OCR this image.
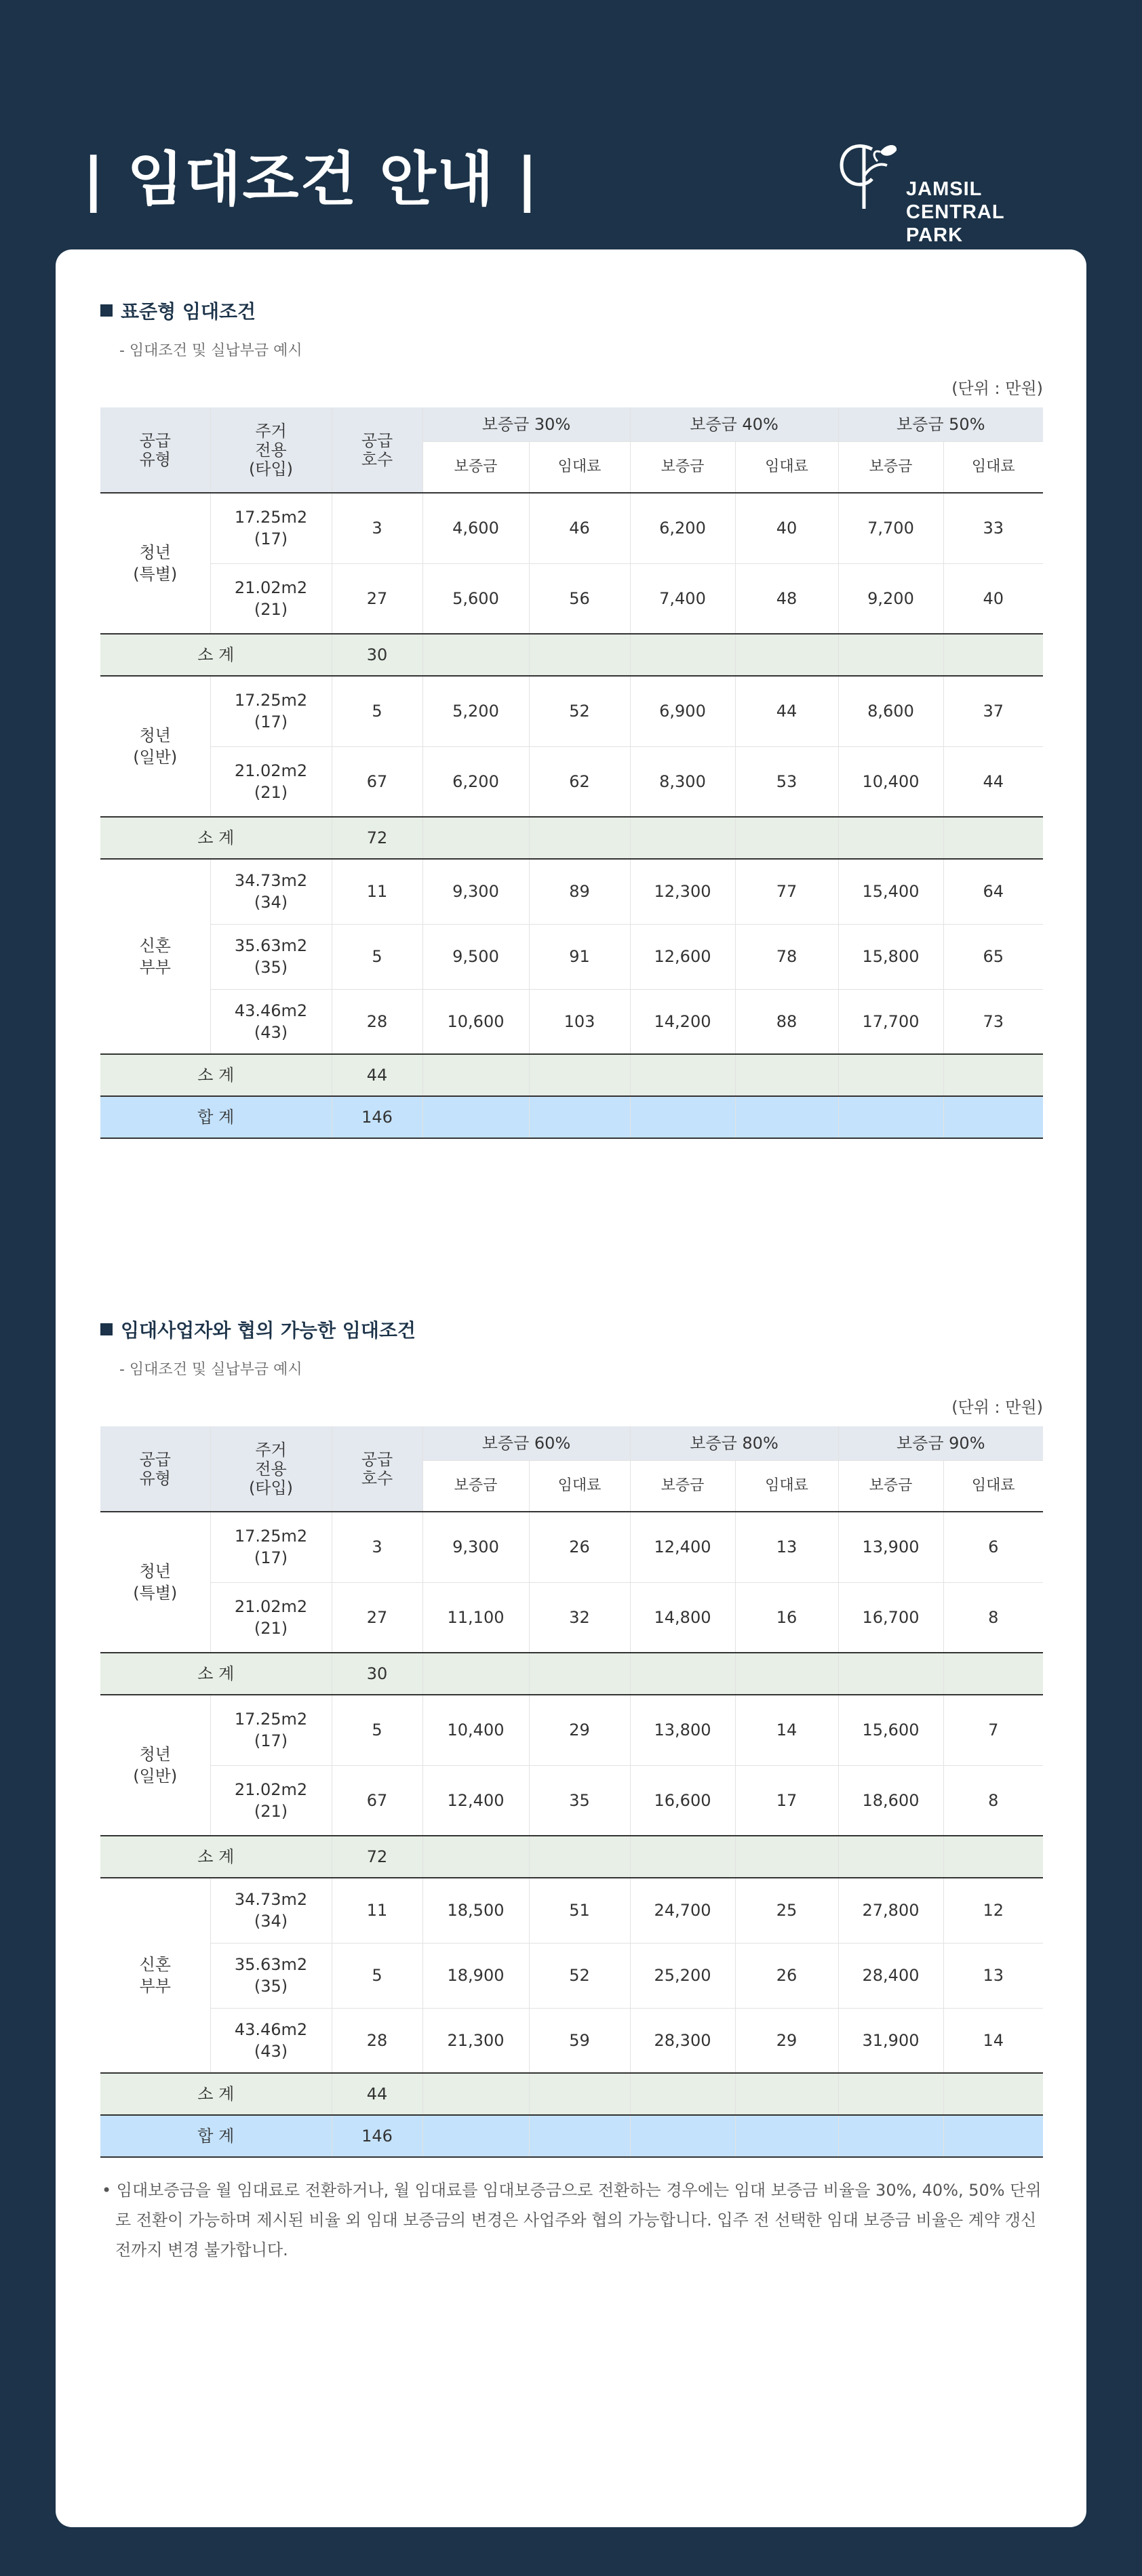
| 임대조건 안내 |	JAMSIL
CENTRAL PARK
표준형 임대조건
- 임대조건 및 실납부금 예시
(단위 : 만원)
공급
유형	주거
전용
(타입)	공급
호수	보증금 30%		보증금 40%		보증금 50%	
			보증금	임대료	보증금	임대료	보증금	임대료
청년
(특별)	17.25m2
(17)	3	4,600	46	6,200	40	7,700	33
	21.02m2
(21)	27	5,600	56	7,400	48	9,200	40
소 계		30						
청년
(일반)	17.25m2
(17)	5	5,200	52	6,900	44	8,600	37
	21.02m2
(21)	67	6,200	62	8,300	53	10,400	44
소 계		72						
신혼
부부	34.73m2
(34)	11	9,300	89	12,300	77	15,400	64
	35.63m2
(35)	5	9,500	91	12,600	78	15,800	65
	43.46m2
(43)	28	10,600	103	14,200	88	17,700	73
소 계		44						
합 계		146						
임대사업자와 협의 가능한 임대조건
- 임대조건 및 실납부금 예시
(단위 : 만원)
공급
유형	주거
전용
(타입)	공급
호수	보증금 60%		보증금 80%		보증금 90%	
			보증금	임대료	보증금	임대료	보증금	임대료
청년
(특별)	17.25m2
(17)	3	9,300	26	12,400	13	13,900	6
	21.02m2
(21)	27	11,100	32	14,800	16	16,700	8
소 계		30						
청년
(일반)	17.25m2
(17)	5	10,400	29	13,800	14	15,600	7
	21.02m2
(21)	67	12,400	35	16,600	17	18,600	8
소 계		72						
신혼
부부	34.73m2
(34)	11	18,500	51	24,700	25	27,800	12
	35.63m2
(35)	5	18,900	52	25,200	26	28,400	13
	43.46m2
(43)	28	21,300	59	28,300	29	31,900	14
소 계		44						
합 계		146						
• 임대보증금을 월 임대료로 전환하거나, 월 임대료를 임대보증금으로 전환하는 경우에는 임대 보증금 비율을 30%, 40%, 50% 단위로 전환이 가능하며 제시된 비율 외 임대 보증금의 변경은 사업주와 협의 가능합니다. 입주 전 선택한 임대 보증금 비율은 계약 갱신 전까지 변경 불가합니다.
